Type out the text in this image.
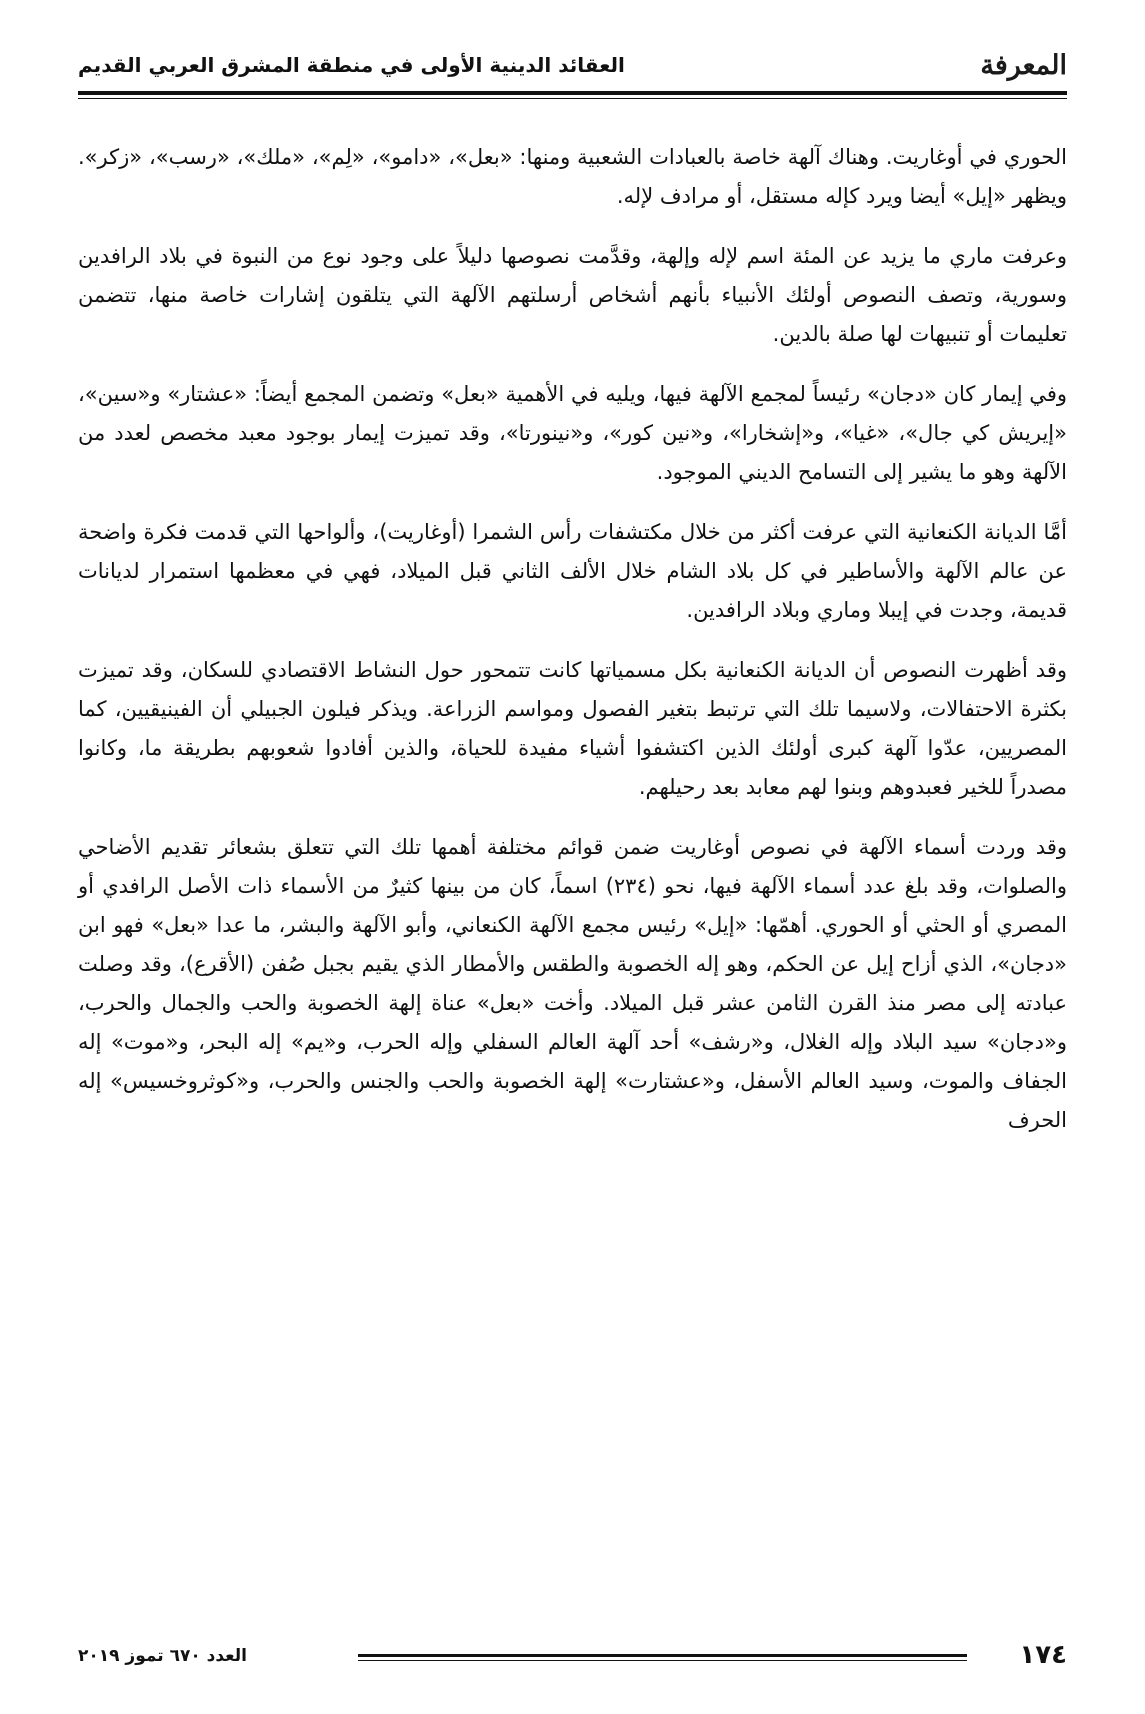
المعرفة
العقائد الدينية الأولى في منطقة المشرق العربي القديم

الحوري في أوغاريت. وهناك آلهة خاصة بالعبادات الشعبية ومنها: «بعل»، «دامو»، «لِم»، «ملك»، «رسب»، «زكر». ويظهر «إيل» أيضا ويرد كإله مستقل، أو مرادف لإله.

وعرفت ماري ما يزيد عن المئة اسم لإله وإلهة، وقدَّمت نصوصها دليلاً على وجود نوع من النبوة في بلاد الرافدين وسورية، وتصف النصوص أولئك الأنبياء بأنهم أشخاص أرسلتهم الآلهة التي يتلقون إشارات خاصة منها، تتضمن تعليمات أو تنبيهات لها صلة بالدين.

وفي إيمار كان «دجان» رئيساً لمجمع الآلهة فيها، ويليه في الأهمية «بعل» وتضمن المجمع أيضاً: «عشتار» و«سين»، «إيريش كي جال»، «غيا»، و«إشخارا»، و«نين كور»، و«نينورتا»، وقد تميزت إيمار بوجود معبد مخصص لعدد من الآلهة وهو ما يشير إلى التسامح الديني الموجود.

أمَّا الديانة الكنعانية التي عرفت أكثر من خلال مكتشفات رأس الشمرا (أوغاريت)، وألواحها التي قدمت فكرة واضحة عن عالم الآلهة والأساطير في كل بلاد الشام خلال الألف الثاني قبل الميلاد، فهي في معظمها استمرار لديانات قديمة، وجدت في إيبلا وماري وبلاد الرافدين.

وقد أظهرت النصوص أن الديانة الكنعانية بكل مسمياتها كانت تتمحور حول النشاط الاقتصادي للسكان، وقد تميزت بكثرة الاحتفالات، ولاسيما تلك التي ترتبط بتغير الفصول ومواسم الزراعة. ويذكر فيلون الجبيلي أن الفينيقيين، كما المصريين، عدّوا آلهة كبرى أولئك الذين اكتشفوا أشياء مفيدة للحياة، والذين أفادوا شعوبهم بطريقة ما، وكانوا مصدراً للخير فعبدوهم وبنوا لهم معابد بعد رحيلهم.

وقد وردت أسماء الآلهة في نصوص أوغاريت ضمن قوائم مختلفة أهمها تلك التي تتعلق بشعائر تقديم الأضاحي والصلوات، وقد بلغ عدد أسماء الآلهة فيها، نحو (٢٣٤) اسماً، كان من بينها كثيرٌ من الأسماء ذات الأصل الرافدي أو المصري أو الحثي أو الحوري. أهمّها: «إيل» رئيس مجمع الآلهة الكنعاني، وأبو الآلهة والبشر، ما عدا «بعل» فهو ابن «دجان»، الذي أزاح إيل عن الحكم، وهو إله الخصوبة والطقس والأمطار الذي يقيم بجبل صُفن (الأقرع)، وقد وصلت عبادته إلى مصر منذ القرن الثامن عشر قبل الميلاد. وأخت «بعل» عناة إلهة الخصوبة والحب والجمال والحرب، و«دجان» سيد البلاد وإله الغلال، و«رشف» أحد آلهة العالم السفلي وإله الحرب، و«يم» إله البحر، و«موت» إله الجفاف والموت، وسيد العالم الأسفل، و«عشتارت» إلهة الخصوبة والحب والجنس والحرب، و«كوثروخسيس» إله الحرف

١٧٤
العدد ٦٧٠ تموز ٢٠١٩
